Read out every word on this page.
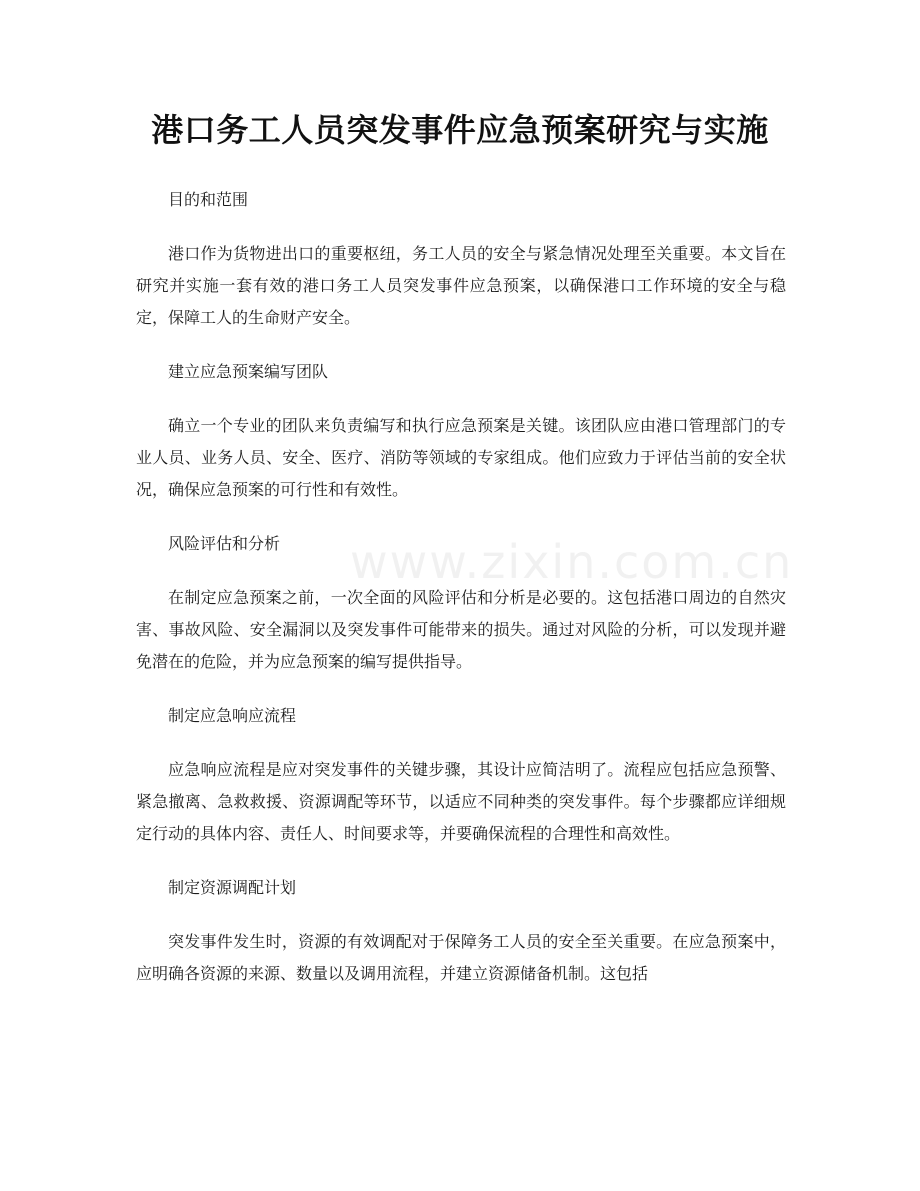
www.zixin.com.cn
港口务工人员突发事件应急预案研究与实施

目的和范围

港口作为货物进出口的重要枢纽，务工人员的安全与紧急情况处理至关重要。本文旨在研究并实施一套有效的港口务工人员突发事件应急预案，以确保港口工作环境的安全与稳定，保障工人的生命财产安全。

建立应急预案编写团队

确立一个专业的团队来负责编写和执行应急预案是关键。该团队应由港口管理部门的专业人员、业务人员、安全、医疗、消防等领域的专家组成。他们应致力于评估当前的安全状况，确保应急预案的可行性和有效性。

风险评估和分析

在制定应急预案之前，一次全面的风险评估和分析是必要的。这包括港口周边的自然灾害、事故风险、安全漏洞以及突发事件可能带来的损失。通过对风险的分析，可以发现并避免潜在的危险，并为应急预案的编写提供指导。

制定应急响应流程

应急响应流程是应对突发事件的关键步骤，其设计应简洁明了。流程应包括应急预警、紧急撤离、急救救援、资源调配等环节，以适应不同种类的突发事件。每个步骤都应详细规定行动的具体内容、责任人、时间要求等，并要确保流程的合理性和高效性。

制定资源调配计划

突发事件发生时，资源的有效调配对于保障务工人员的安全至关重要。在应急预案中，应明确各资源的来源、数量以及调用流程，并建立资源储备机制。这包括
